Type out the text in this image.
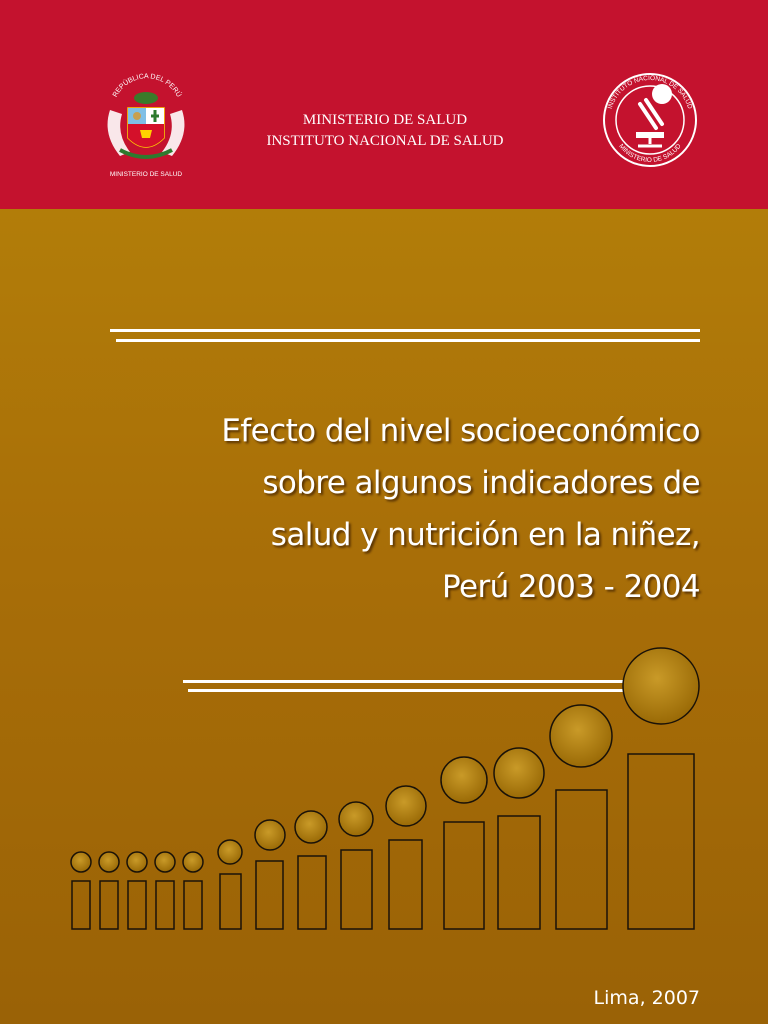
REPÚBLICA DEL PERÚ
MINISTERIO DE SALUD
MINISTERIO DE SALUD
INSTITUTO NACIONAL DE SALUD
INSTITUTO NACIONAL DE SALUD
MINISTERIO DE SALUD
Efecto del nivel socioeconómico
sobre algunos indicadores de
salud y nutrición en la niñez,
Perú 2003 - 2004
Lima, 2007
